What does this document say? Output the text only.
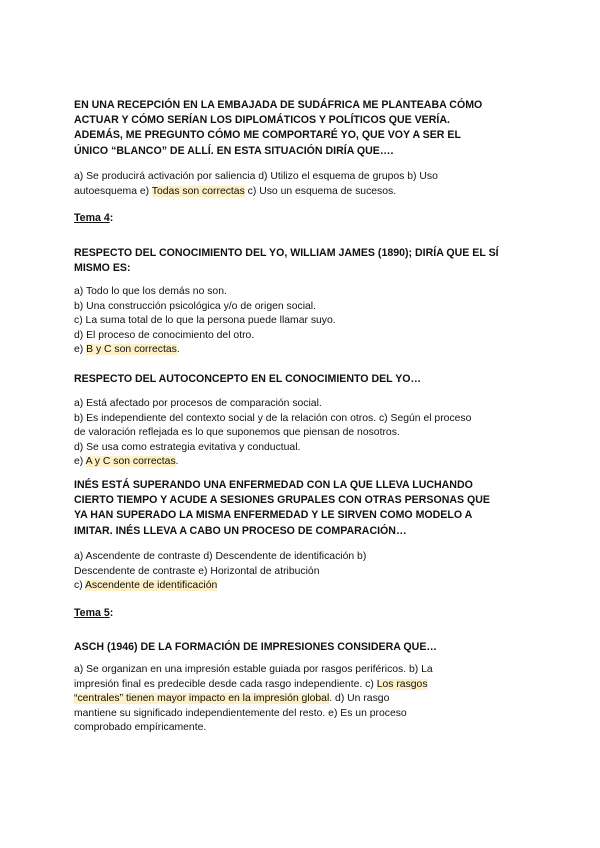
EN UNA RECEPCIÓN EN LA EMBAJADA DE SUDÁFRICA ME PLANTEABA CÓMO
ACTUAR Y CÓMO SERÍAN LOS DIPLOMÁTICOS Y POLÍTICOS QUE VERÍA.
ADEMÁS, ME PREGUNTO CÓMO ME COMPORTARÉ YO, QUE VOY A SER EL
ÚNICO “BLANCO” DE ALLÍ. EN ESTA SITUACIÓN DIRÍA QUE….
a) Se producirá activación por saliencia d) Utilizo el esquema de grupos b) Uso
autoesquema e) Todas son correctas c) Uso un esquema de sucesos.
Tema 4:
RESPECTO DEL CONOCIMIENTO DEL YO, WILLIAM JAMES (1890); DIRÍA QUE EL SÍ
MISMO ES:
a) Todo lo que los demás no son.
b) Una construcción psicológica y/o de origen social.
c) La suma total de lo que la persona puede llamar suyo.
d) El proceso de conocimiento del otro.
e) B y C son correctas.
RESPECTO DEL AUTOCONCEPTO EN EL CONOCIMIENTO DEL YO…
a) Está afectado por procesos de comparación social.
b) Es independiente del contexto social y de la relación con otros. c) Según el proceso
de valoración reflejada es lo que suponemos que piensan de nosotros.
d) Se usa como estrategia evitativa y conductual.
e) A y C son correctas.
INÉS ESTÁ SUPERANDO UNA ENFERMEDAD CON LA QUE LLEVA LUCHANDO
CIERTO TIEMPO Y ACUDE A SESIONES GRUPALES CON OTRAS PERSONAS QUE
YA HAN SUPERADO LA MISMA ENFERMEDAD Y LE SIRVEN COMO MODELO A
IMITAR. INÉS LLEVA A CABO UN PROCESO DE COMPARACIÓN…
a) Ascendente de contraste d) Descendente de identificación b)
Descendente de contraste e) Horizontal de atribución
c) Ascendente de identificación
Tema 5:
ASCH (1946) DE LA FORMACIÓN DE IMPRESIONES CONSIDERA QUE…
a) Se organizan en una impresión estable guiada por rasgos periféricos. b) La
impresión final es predecible desde cada rasgo independiente. c) Los rasgos
“centrales” tienen mayor impacto en la impresión global. d) Un rasgo
mantiene su significado independientemente del resto. e) Es un proceso
comprobado empíricamente.
